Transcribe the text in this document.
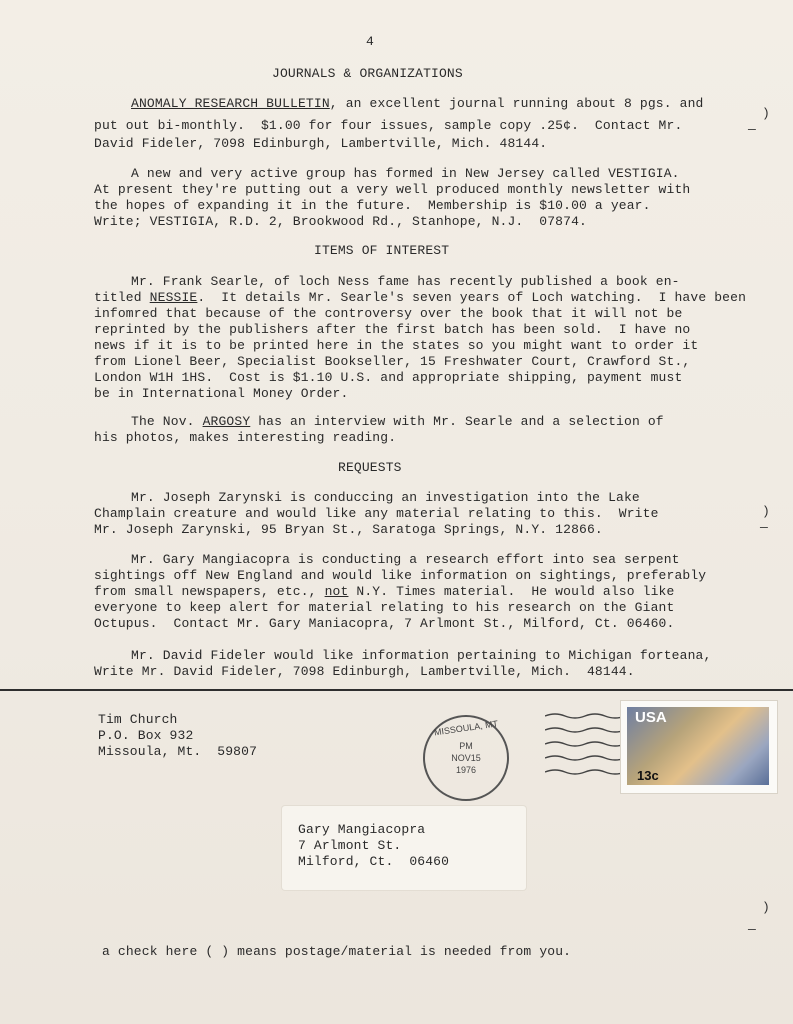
4
JOURNALS & ORGANIZATIONS
ANOMALY RESEARCH BULLETIN, an excellent journal running about 8 pgs. and
put out bi-monthly.  $1.00 for four issues, sample copy .25¢.  Contact Mr.
David Fideler, 7098 Edinburgh, Lambertville, Mich. 48144.
A new and very active group has formed in New Jersey called VESTIGIA.
At present they're putting out a very well produced monthly newsletter with
the hopes of expanding it in the future.  Membership is $10.00 a year.
Write; VESTIGIA, R.D. 2, Brookwood Rd., Stanhope, N.J.  07874.
ITEMS OF INTEREST
Mr. Frank Searle, of loch Ness fame has recently published a book en-
titled NESSIE.  It details Mr. Searle's seven years of Loch watching.  I have been
infomred that because of the controversy over the book that it will not be
reprinted by the publishers after the first batch has been sold.  I have no
news if it is to be printed here in the states so you might want to order it
from Lionel Beer, Specialist Bookseller, 15 Freshwater Court, Crawford St.,
London W1H 1HS.  Cost is $1.10 U.S. and appropriate shipping, payment must
be in International Money Order.
The Nov. ARGOSY has an interview with Mr. Searle and a selection of
his photos, makes interesting reading.
REQUESTS
Mr. Joseph Zarynski is conduccing an investigation into the Lake
Champlain creature and would like any material relating to this.  Write
Mr. Joseph Zarynski, 95 Bryan St., Saratoga Springs, N.Y. 12866.
Mr. Gary Mangiacopra is conducting a research effort into sea serpent
sightings off New England and would like information on sightings, preferably
from small newspapers, etc., not N.Y. Times material.  He would also like
everyone to keep alert for material relating to his research on the Giant
Octupus.  Contact Mr. Gary Maniacopra, 7 Arlmont St., Milford, Ct. 06460.
Mr. David Fideler would like information pertaining to Michigan forteana,
Write Mr. David Fideler, 7098 Edinburgh, Lambertville, Mich.  48144.
)
—
)
—
)
—
Tim Church
P.O. Box 932
Missoula, Mt.  59807
MISSOULA, MT
PM
NOV15
1976
USA
13c
Gary Mangiacopra
7 Arlmont St.
Milford, Ct.  06460
a check here ( ) means postage/material is needed from you.
